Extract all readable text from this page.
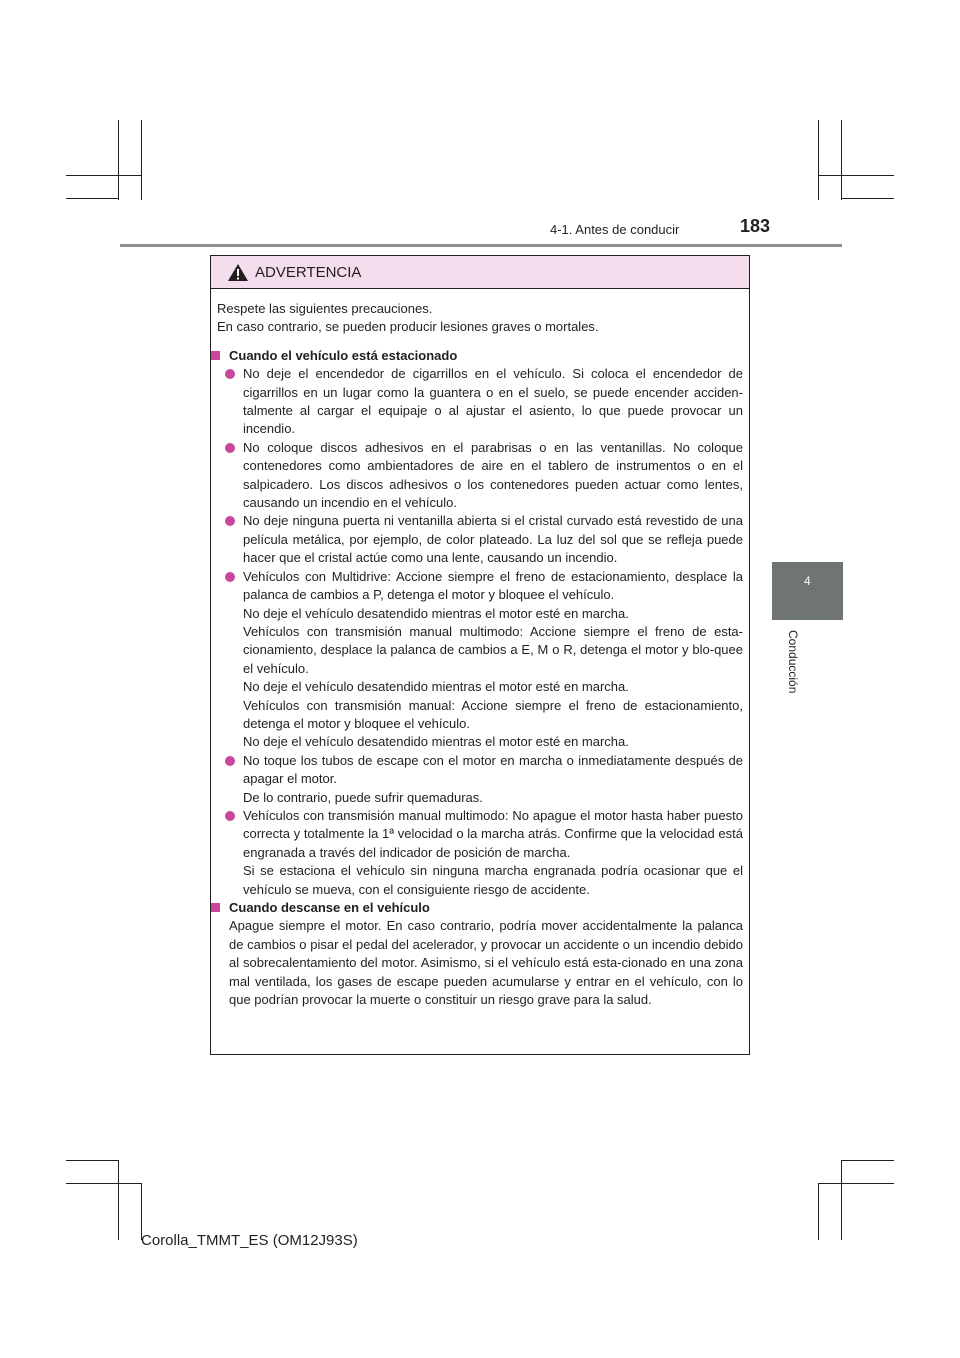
4-1. Antes de conducir	183
4
Conducción
ADVERTENCIA

Respete las siguientes precauciones.
En caso contrario, se pueden producir lesiones graves o mortales.

Cuando el vehículo está estacionado

No deje el encendedor de cigarrillos en el vehículo. Si coloca el encendedor de cigarrillos en un lugar como la guantera o en el suelo, se puede encender acciden-talmente al cargar el equipaje o al ajustar el asiento, lo que puede provocar un incendio.

No coloque discos adhesivos en el parabrisas o en las ventanillas. No coloque contenedores como ambientadores de aire en el tablero de instrumentos o en el salpicadero. Los discos adhesivos o los contenedores pueden actuar como lentes, causando un incendio en el vehículo.

No deje ninguna puerta ni ventanilla abierta si el cristal curvado está revestido de una película metálica, por ejemplo, de color plateado. La luz del sol que se refleja puede hacer que el cristal actúe como una lente, causando un incendio.

Vehículos con Multidrive: Accione siempre el freno de estacionamiento, desplace la palanca de cambios a P, detenga el motor y bloquee el vehículo.
No deje el vehículo desatendido mientras el motor esté en marcha.

Vehículos con transmisión manual multimodo: Accione siempre el freno de esta-cionamiento, desplace la palanca de cambios a E, M o R, detenga el motor y blo-quee el vehículo.
No deje el vehículo desatendido mientras el motor esté en marcha.

Vehículos con transmisión manual: Accione siempre el freno de estacionamiento, detenga el motor y bloquee el vehículo.
No deje el vehículo desatendido mientras el motor esté en marcha.

No toque los tubos de escape con el motor en marcha o inmediatamente después de apagar el motor.
De lo contrario, puede sufrir quemaduras.

Vehículos con transmisión manual multimodo: No apague el motor hasta haber puesto correcta y totalmente la 1ª velocidad o la marcha atrás. Confirme que la velocidad está engranada a través del indicador de posición de marcha.
Si se estaciona el vehículo sin ninguna marcha engranada podría ocasionar que el vehículo se mueva, con el consiguiente riesgo de accidente.

Cuando descanse en el vehículo

Apague siempre el motor. En caso contrario, podría mover accidentalmente la palanca de cambios o pisar el pedal del acelerador, y provocar un accidente o un incendio debido al sobrecalentamiento del motor. Asimismo, si el vehículo está esta-cionado en una zona mal ventilada, los gases de escape pueden acumularse y entrar en el vehículo, con lo que podrían provocar la muerte o constituir un riesgo grave para la salud.

Corolla_TMMT_ES (OM12J93S)
